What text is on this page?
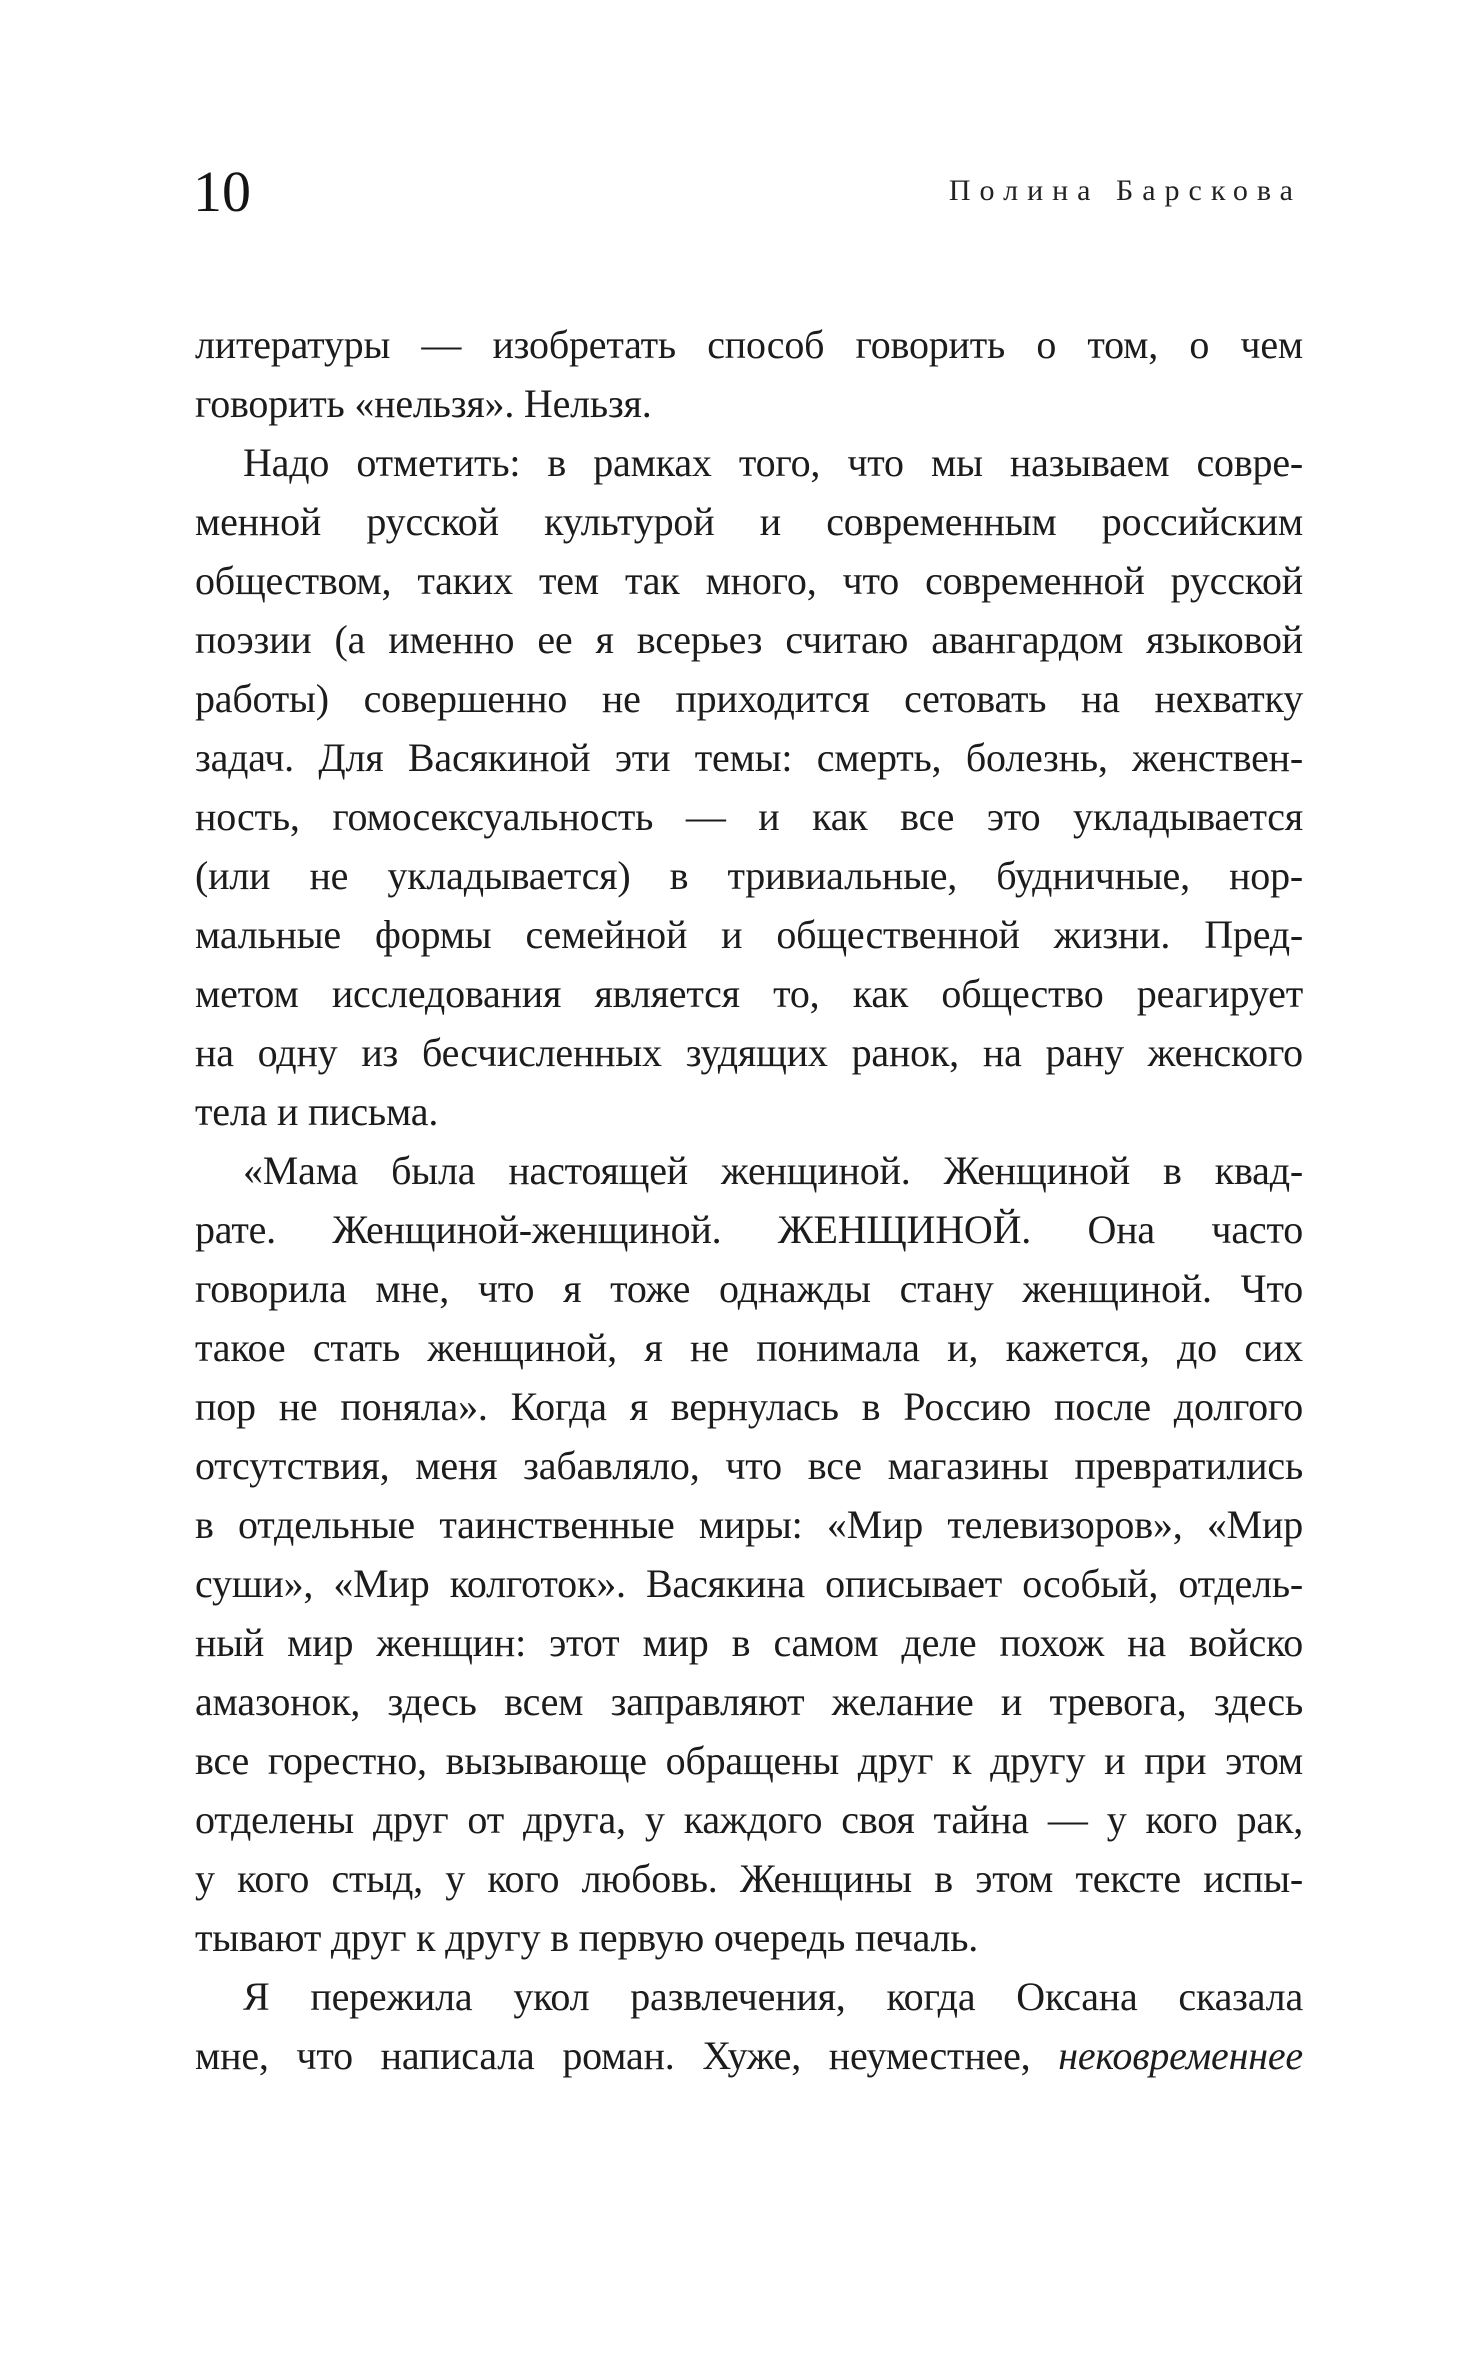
10	Полина Барскова
литературы — изобретать способ говорить о том, о чем
говорить «нельзя». Нельзя.
Надо отметить: в рамках того, что мы называем совре-
менной русской культурой и современным российским
обществом, таких тем так много, что современной русской
поэзии (а именно ее я всерьез считаю авангардом языковой
работы) совершенно не приходится сетовать на нехватку
задач. Для Васякиной эти темы: смерть, болезнь, женствен-
ность, гомосексуальность — и как все это укладывается
(или не укладывается) в тривиальные, будничные, нор-
мальные формы семейной и общественной жизни. Пред-
метом исследования является то, как общество реагирует
на одну из бесчисленных зудящих ранок, на рану женского
тела и письма.
«Мама была настоящей женщиной. Женщиной в квад-
рате. Женщиной-женщиной. ЖЕНЩИНОЙ. Она часто
говорила мне, что я тоже однажды стану женщиной. Что
такое стать женщиной, я не понимала и, кажется, до сих
пор не поняла». Когда я вернулась в Россию после долгого
отсутствия, меня забавляло, что все магазины превратились
в отдельные таинственные миры: «Мир телевизоров», «Мир
суши», «Мир колготок». Васякина описывает особый, отдель-
ный мир женщин: этот мир в самом деле похож на войско
амазонок, здесь всем заправляют желание и тревога, здесь
все горестно, вызывающе обращены друг к другу и при этом
отделены друг от друга, у каждого своя тайна — у кого рак,
у кого стыд, у кого любовь. Женщины в этом тексте испы-
тывают друг к другу в первую очередь печаль.
Я пережила укол развлечения, когда Оксана сказала
мне, что написала роман. Хуже, неуместнее, нековременнее
